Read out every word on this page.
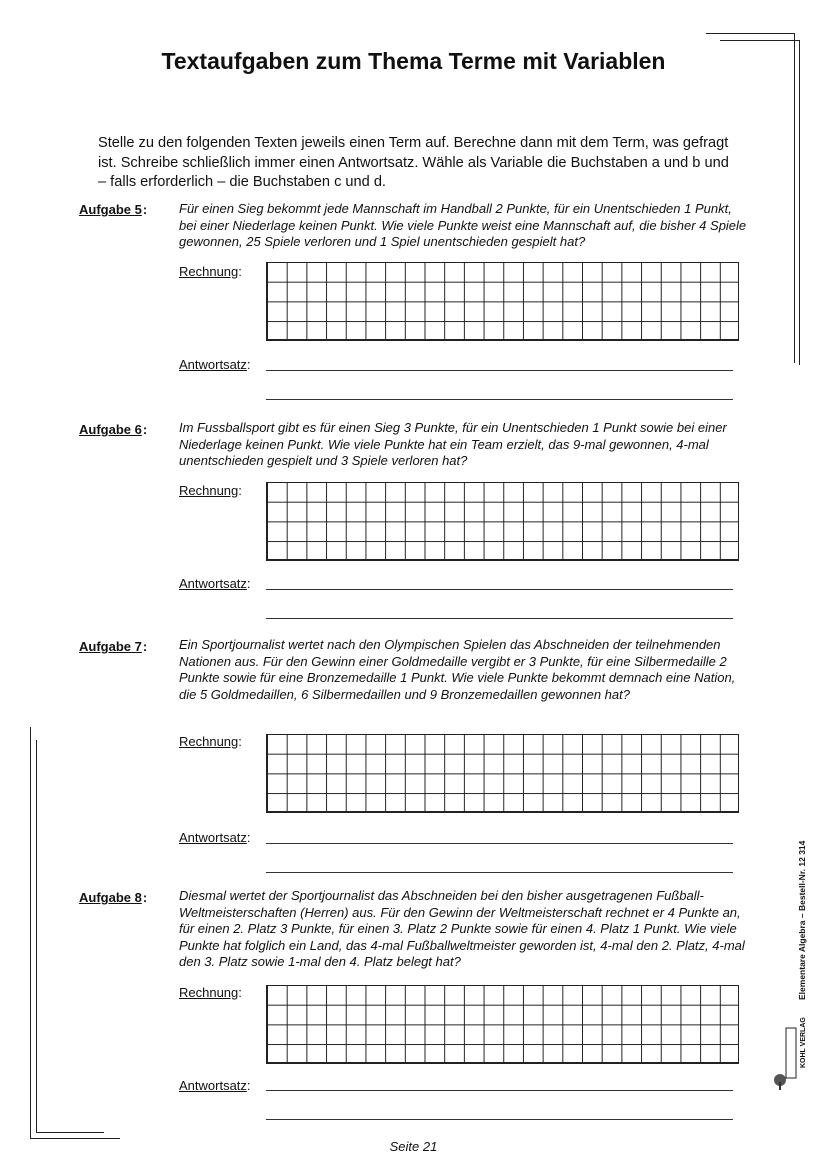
Textaufgaben zum Thema Terme mit Variablen
Stelle zu den folgenden Texten jeweils einen Term auf. Berechne dann mit dem Term, was gefragt ist. Schreibe schließlich immer einen Antwortsatz. Wähle als Variable die Buchstaben a und b und – falls erforderlich – die Buchstaben c und d.
Aufgabe 5: Für einen Sieg bekommt jede Mannschaft im Handball 2 Punkte, für ein Unentschieden 1 Punkt, bei einer Niederlage keinen Punkt. Wie viele Punkte weist eine Mannschaft auf, die bisher 4 Spiele gewonnen, 25 Spiele verloren und 1 Spiel unentschieden gespielt hat?
Rechnung:
Antwortsatz:
Aufgabe 6: Im Fussballsport gibt es für einen Sieg 3 Punkte, für ein Unentschieden 1 Punkt sowie bei einer Niederlage keinen Punkt. Wie viele Punkte hat ein Team erzielt, das 9-mal gewonnen, 4-mal unentschieden gespielt und 3 Spiele verloren hat?
Rechnung:
Antwortsatz:
Aufgabe 7: Ein Sportjournalist wertet nach den Olympischen Spielen das Abschneiden der teilnehmenden Nationen aus. Für den Gewinn einer Goldmedaille vergibt er 3 Punkte, für eine Silbermedaille 2 Punkte sowie für eine Bronzemedaille 1 Punkt. Wie viele Punkte bekommt demnach eine Nation, die 5 Goldmedaillen, 6 Silbermedaillen und 9 Bronzemedaillen gewonnen hat?
Rechnung:
Antwortsatz:
Aufgabe 8: Diesmal wertet der Sportjournalist das Abschneiden bei den bisher ausgetragenen Fußball-Weltmeisterschaften (Herren) aus. Für den Gewinn der Weltmeisterschaft rechnet er 4 Punkte an, für einen 2. Platz 3 Punkte, für einen 3. Platz 2 Punkte sowie für einen 4. Platz 1 Punkt. Wie viele Punkte hat folglich ein Land, das 4-mal Fußballweltmeister geworden ist, 4-mal den 2. Platz, 4-mal den 3. Platz sowie 1-mal den 4. Platz belegt hat?
Rechnung:
Antwortsatz:
Seite 21
Elementare Algebra – Bestell-Nr. 12 314
KOHL VERLAG
